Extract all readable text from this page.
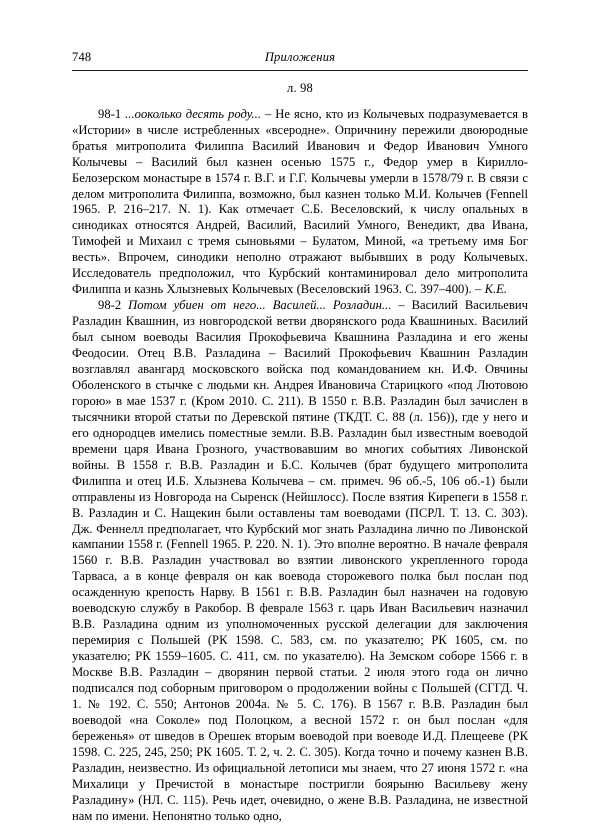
748	Приложения
л. 98

98-1 ...ооколько десять роду... – Не ясно, кто из Колычевых подразумевается в «Истории» в числе истребленных «всеродне». Опричнину пережили двоюродные братья митрополита Филиппа Василий Иванович и Федор Иванович Умного Колычевы – Василий был казнен осенью 1575 г., Федор умер в Кирилло-Белозерском монастыре в 1574 г. В.Г. и Г.Г. Колычевы умерли в 1578/79 г. В связи с делом митрополита Филиппа, возможно, был казнен только М.И. Колычев (Fennell 1965. P. 216–217. N. 1). Как отмечает С.Б. Веселовский, к числу опальных в синодиках относятся Андрей, Василий, Василий Умного, Венедикт, два Ивана, Тимофей и Михаил с тремя сыновьями – Булатом, Миной, «а третьему имя Бог весть». Впрочем, синодики неполно отражают выбывших в роду Колычевых. Исследователь предположил, что Курбский контаминировал дело митрополита Филиппа и казнь Хлызневых Колычевых (Веселовский 1963. С. 397–400). – К.Е.

98-2 Потом убиен от него... Василей... Розладин... – Василий Васильевич Разладин Квашнин, из новгородской ветви дворянского рода Квашниных. Василий был сыном воеводы Василия Прокофьевича Квашнина Разладина и его жены Феодосии. Отец В.В. Разладина – Василий Прокофьевич Квашнин Разладин возглавлял авангард московского войска под командованием кн. И.Ф. Овчины Оболенского в стычке с людьми кн. Андрея Ивановича Старицкого «под Лютовою горою» в мае 1537 г. (Кром 2010. С. 211). В 1550 г. В.В. Разладин был зачислен в тысячники второй статьи по Деревской пятине (ТКДТ. С. 88 (л. 156)), где у него и его однородцев имелись поместные земли. В.В. Разладин был известным воеводой времени царя Ивана Грозного, участвовавшим во многих событиях Ливонской войны. В 1558 г. В.В. Разладин и Б.С. Колычев (брат будущего митрополита Филиппа и отец И.Б. Хлызнева Колычева – см. примеч. 96 об.-5, 106 об.-1) были отправлены из Новгорода на Сыренск (Нейшлосс). После взятия Кирепеги в 1558 г. В. Разладин и С. Нащекин были оставлены там воеводами (ПСРЛ. Т. 13. С. 303). Дж. Феннелл предполагает, что Курбский мог знать Разладина лично по Ливонской кампании 1558 г. (Fennell 1965. P. 220. N. 1). Это вполне вероятно. В начале февраля 1560 г. В.В. Разладин участвовал во взятии ливонского укрепленного города Тарваса, а в конце февраля он как воевода сторожевого полка был послан под осажденную крепость Нарву. В 1561 г. В.В. Разладин был назначен на годовую воеводскую службу в Ракобор. В феврале 1563 г. царь Иван Васильевич назначил В.В. Разладина одним из уполномоченных русской делегации для заключения перемирия с Польшей (РК 1598. С. 583, см. по указателю; РК 1605, см. по указателю; РК 1559–1605. С. 411, см. по указателю). На Земском соборе 1566 г. в Москве В.В. Разладин – дворянин первой статьи. 2 июля этого года он лично подписался под соборным приговором о продолжении войны с Польшей (СГГД. Ч. 1. № 192. С. 550; Антонов 2004а. № 5. С. 176). В 1567 г. В.В. Разладин был воеводой «на Соколе» под Полоцком, а весной 1572 г. он был послан «для береженья» от шведов в Орешек вторым воеводой при воеводе И.Д. Плещееве (РК 1598. С. 225, 245, 250; РК 1605. Т. 2, ч. 2. С. 305). Когда точно и почему казнен В.В. Разладин, неизвестно. Из официальной летописи мы знаем, что 27 июня 1572 г. «на Михалици у Пречистой в монастыре постригли боярыню Васильеву жену Разладину» (НЛ. С. 115). Речь идет, очевидно, о жене В.В. Разладина, не известной нам по имени. Непонятно только одно,
